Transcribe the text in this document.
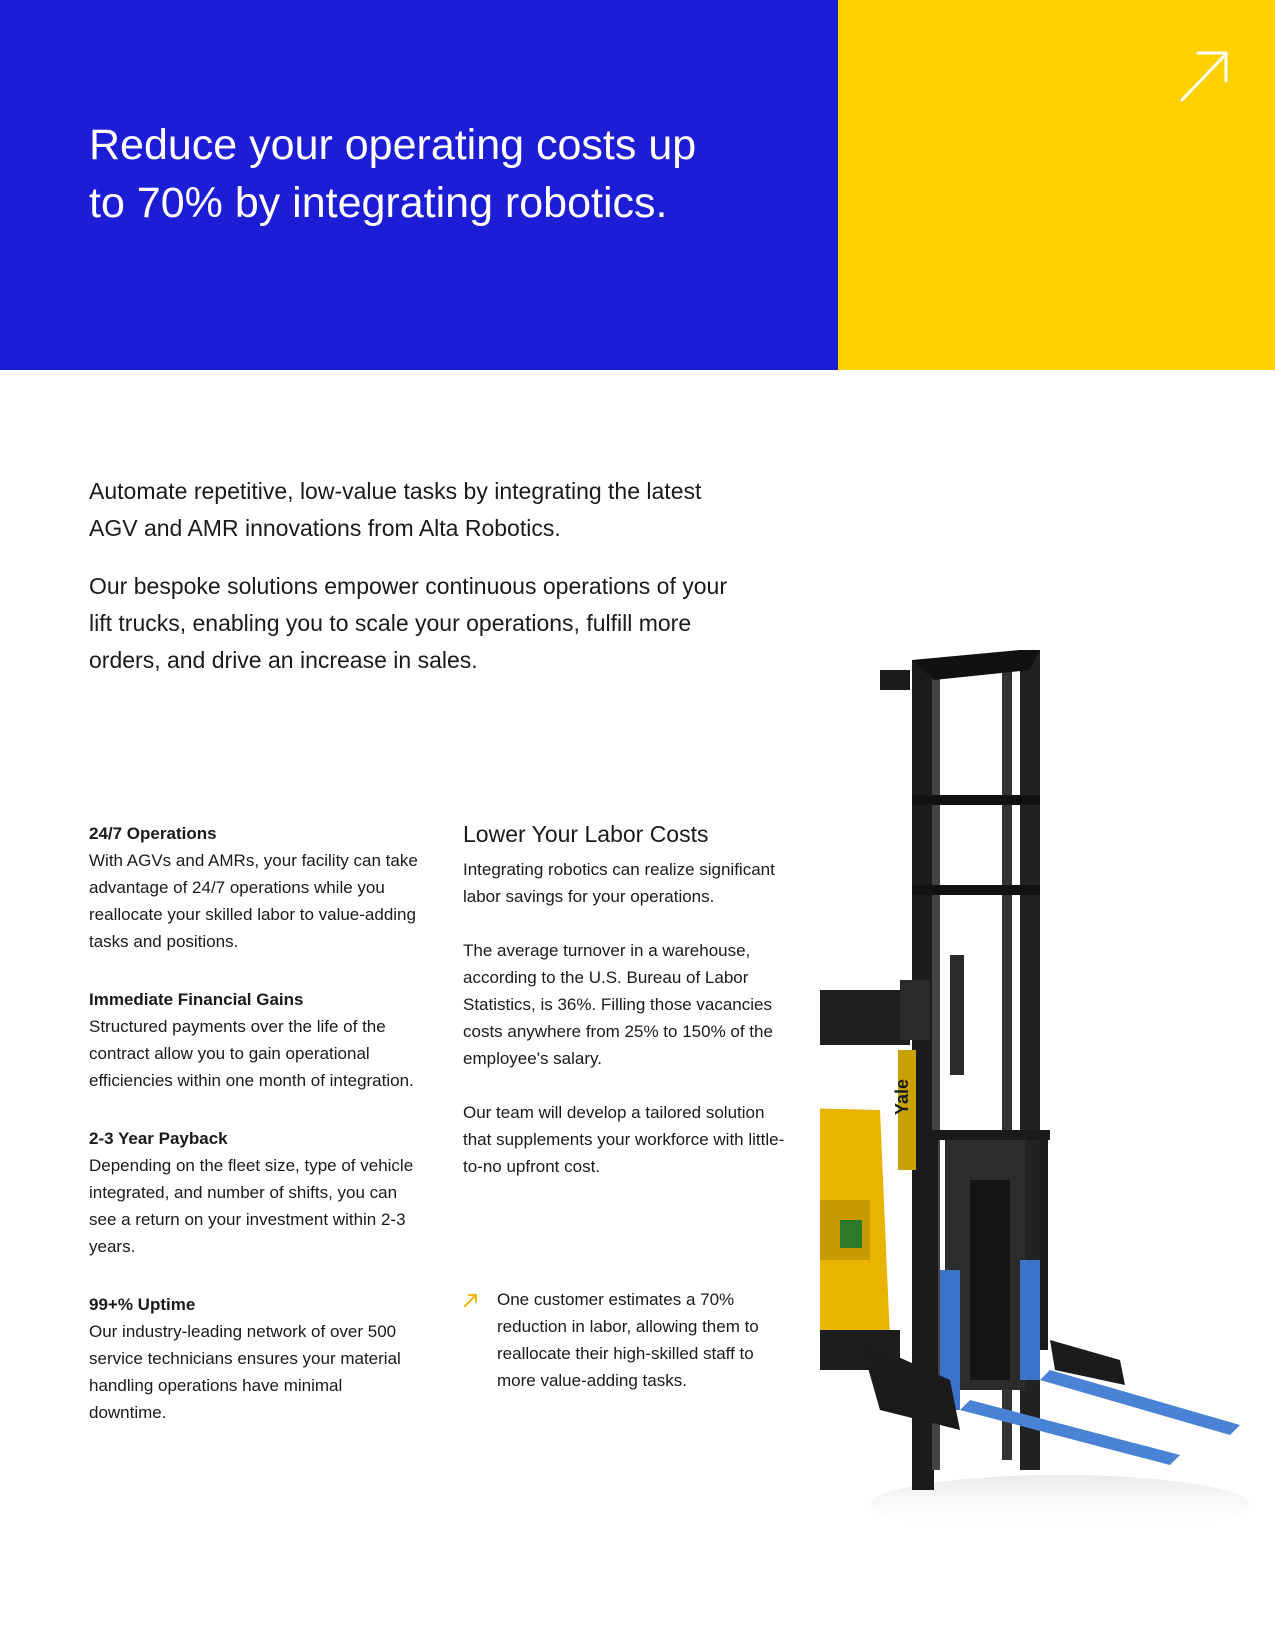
Reduce your operating costs up to 70% by integrating robotics.

Automate repetitive, low-value tasks by integrating the latest AGV and AMR innovations from Alta Robotics.

Our bespoke solutions empower continuous operations of your lift trucks, enabling you to scale your operations, fulfill more orders, and drive an increase in sales.

24/7 Operations

With AGVs and AMRs, your facility can take advantage of 24/7 operations while you reallocate your skilled labor to value-adding tasks and positions.

Immediate Financial Gains

Structured payments over the life of the contract allow you to gain operational efficiencies within one month of integration.

2-3 Year Payback

Depending on the fleet size, type of vehicle integrated, and number of shifts, you can see a return on your investment within 2-3 years.

99+% Uptime

Our industry-leading network of over 500 service technicians ensures your material handling operations have minimal downtime.

Lower Your Labor Costs

Integrating robotics can realize significant labor savings for your operations.

The average turnover in a warehouse, according to the U.S. Bureau of Labor Statistics, is 36%. Filling those vacancies costs anywhere from 25% to 150% of the employee's salary.

Our team will develop a tailored solution that supplements your workforce with little-to-no upfront cost.

One customer estimates a 70% reduction in labor, allowing them to reallocate their high-skilled staff to more value-adding tasks.

Yale
